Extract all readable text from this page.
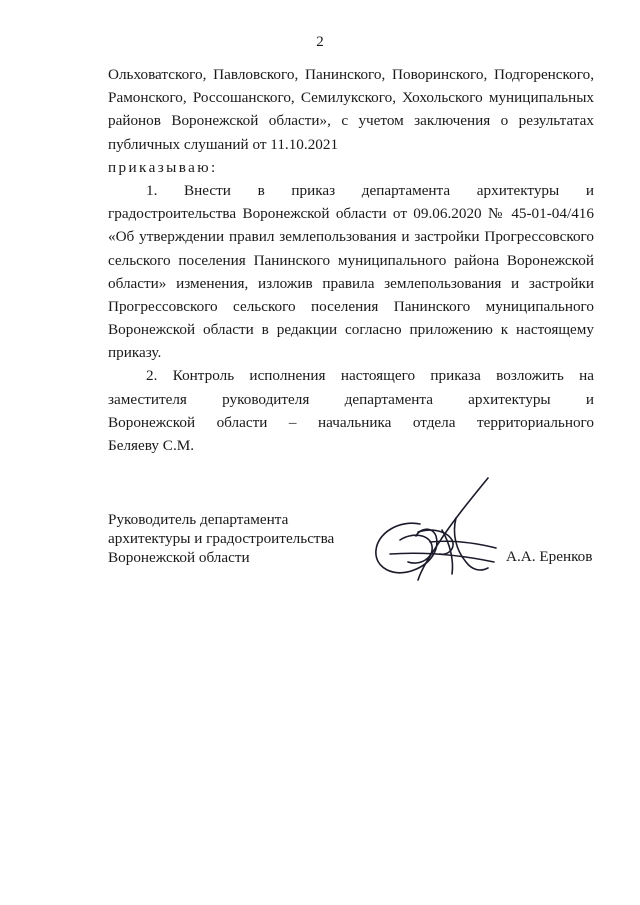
2
Ольховатского, Павловского, Панинского, Поворинского, Подгоренского,
Рамонского, Россошанского, Семилукского, Хохольского муниципальных
районов Воронежской области», с учетом заключения о результатах
публичных слушаний от 11.10.2021
приказываю:
1. Внести в приказ департамента архитектуры и
градостроительства Воронежской области от 09.06.2020 № 45-01-04/416
«Об утверждении правил землепользования и застройки Прогрессовского
сельского поселения Панинского муниципального района Воронежской
области» изменения, изложив правила землепользования и застройки
Прогрессовского сельского поселения Панинского муниципального
Воронежской области в редакции согласно приложению к настоящему
приказу.
2. Контроль исполнения настоящего приказа возложить на
заместителя руководителя департамента архитектуры и
Воронежской области – начальника отдела территориального
Беляеву С.М.
Руководитель департамента
архитектуры и градостроительства
Воронежской области	А.А. Еренков
